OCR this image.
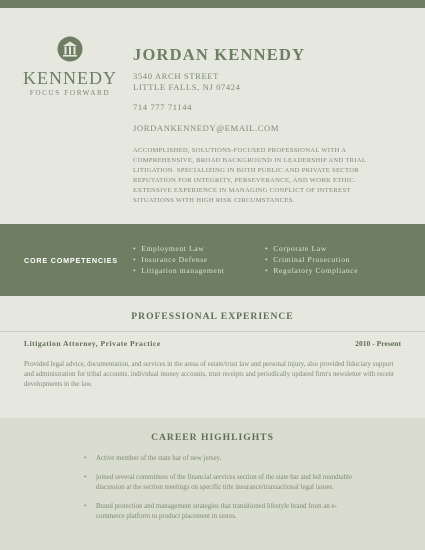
KENNEDY
FOCUS FORWARD
JORDAN KENNEDY
3540 ARCH STREET
LITTLE FALLS, NJ 07424
714 777 71144
JORDANKENNEDY@EMAIL.COM
ACCOMPLISHED, SOLUTIONS-FOCUSED PROFESSIONAL WITH A COMPREHENSIVE, BROAD BACKGROUND IN LEADERSHIP AND TRIAL LITIGATION. SPECIALIZING IN BOTH PUBLIC AND PRIVATE SECTOR REPUTATION FOR INTEGRITY, PERSEVERANCE, AND WORK ETHIC. EXTENSIVE EXPERIENCE IN MANAGING CONFLICT OF INTEREST SITUATIONS WITH HIGH RISK CIRCUMSTANCES.
CORE COMPETENCIES
• Employment Law
• Insurance Defense
• Litigation management
• Corporate Law
• Criminal Prosecution
• Regulatory Compliance
PROFESSIONAL EXPERIENCE
Litigation Attorney, Private Practice	2010 - Present
Provided legal advice, documentation, and services in the areas of estate/trust law and personal injury, also provided fiduciary support and administration for tribal accounts, individual money accounts, trust receipts and periodically updated firm's newsletter with recent developments in the law.
CAREER HIGHLIGHTS
• Active member of the state bar of new jersey.
• joined several committees of the financial services section of the state bar and led roundtable discussion at the section meetings on specific title insurance/transactional legal issues.
• Brand protection and management strategies that transitioned lifestyle brand from an e-commerce platform to product placement in stores.
